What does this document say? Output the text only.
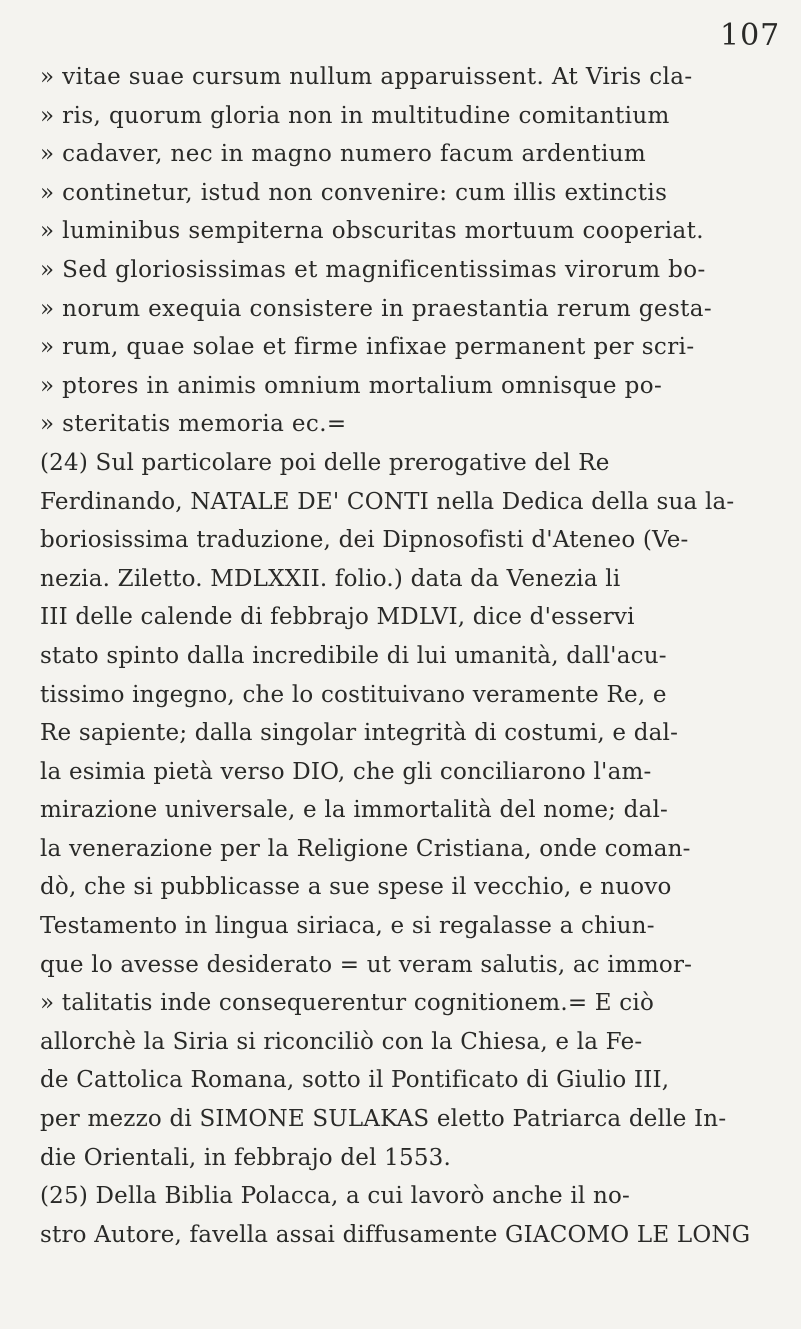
107
» vitae suae cursum nullum apparuissent. At Viris cla-
» ris, quorum gloria non in multitudine comitantium
» cadaver, nec in magno numero facum ardentium
» continetur, istud non convenire: cum illis extinctis
» luminibus sempiterna obscuritas mortuum cooperiat.
» Sed gloriosissimas et magnificentissimas virorum bo-
» norum exequia consistere in praestantia rerum gesta-
» rum, quae solae et firme infixae permanent per scri-
» ptores in animis omnium mortalium omnisque po-
» steritatis memoria ec.=
(24) Sul particolare poi delle prerogative del Re
Ferdinando, NATALE DE' CONTI nella Dedica della sua la-
boriosissima traduzione, dei Dipnosofisti d'Ateneo (Ve-
nezia. Ziletto. MDLXXII. folio.) data da Venezia li
III delle calende di febbrajo MDLVI, dice d'esservi
stato spinto dalla incredibile di lui umanità, dall'acu-
tissimo ingegno, che lo costituivano veramente Re, e
Re sapiente; dalla singolar integrità di costumi, e dal-
la esimia pietà verso DIO, che gli conciliarono l'am-
mirazione universale, e la immortalità del nome; dal-
la venerazione per la Religione Cristiana, onde coman-
dò, che si pubblicasse a sue spese il vecchio, e nuovo
Testamento in lingua siriaca, e si regalasse a chiun-
que lo avesse desiderato = ut veram salutis, ac immor-
» talitatis inde consequerentur cognitionem.= E ciò
allorchè la Siria si riconciliò con la Chiesa, e la Fe-
de Cattolica Romana, sotto il Pontificato di Giulio III,
per mezzo di SIMONE SULAKAS eletto Patriarca delle In-
die Orientali, in febbrajo del 1553.
(25) Della Biblia Polacca, a cui lavorò anche il no-
stro Autore, favella assai diffusamente GIACOMO LE LONG
